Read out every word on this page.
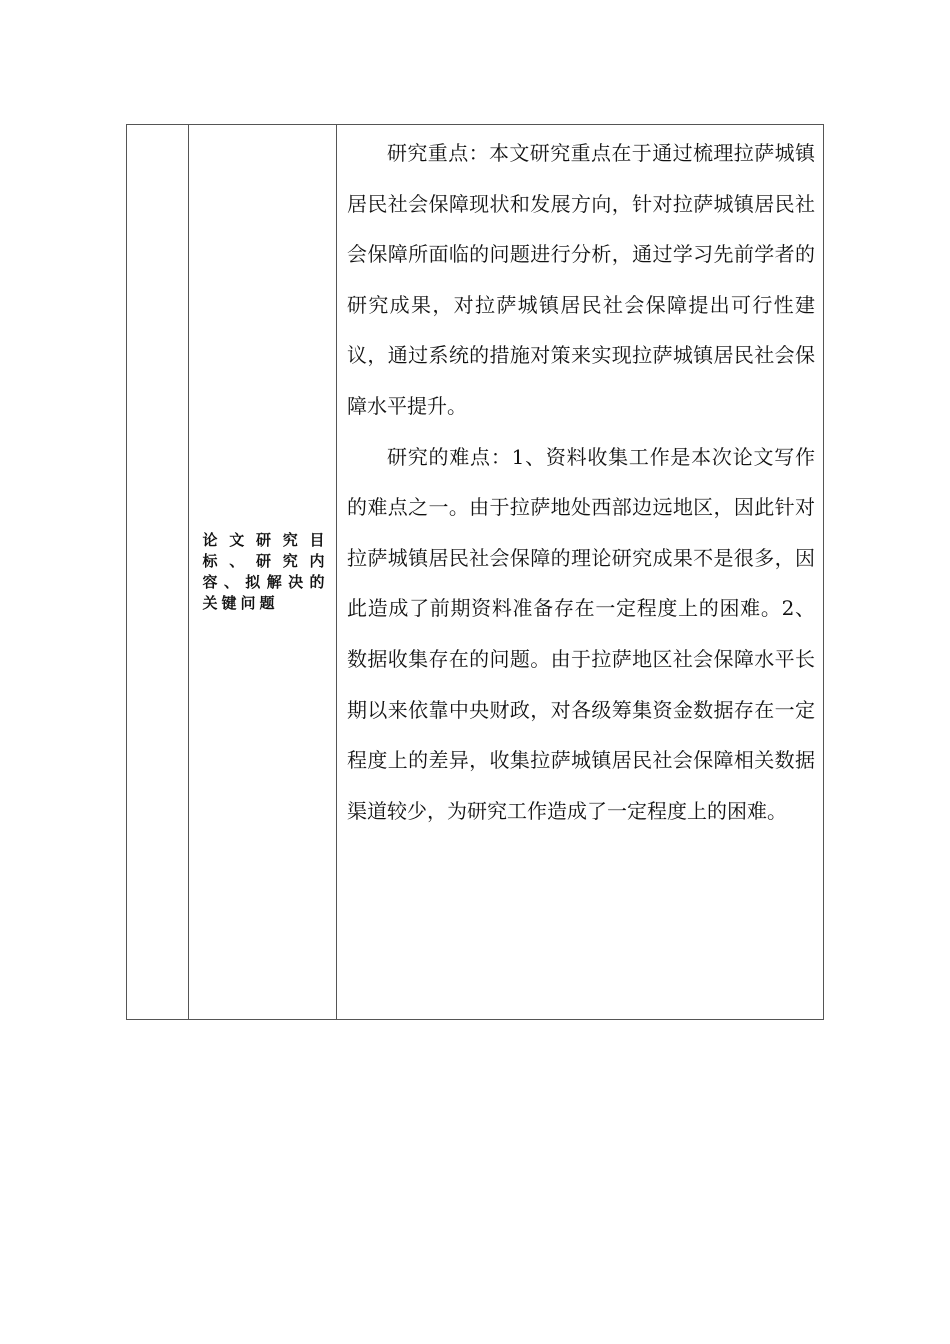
论文研究目标、研究内容、拟解决的关键问题

研究重点：本文研究重点在于通过梳理拉萨城镇居民社会保障现状和发展方向，针对拉萨城镇居民社会保障所面临的问题进行分析，通过学习先前学者的研究成果，对拉萨城镇居民社会保障提出可行性建议，通过系统的措施对策来实现拉萨城镇居民社会保障水平提升。

研究的难点：1、资料收集工作是本次论文写作的难点之一。由于拉萨地处西部边远地区，因此针对拉萨城镇居民社会保障的理论研究成果不是很多，因此造成了前期资料准备存在一定程度上的困难。2、数据收集存在的问题。由于拉萨地区社会保障水平长期以来依靠中央财政，对各级筹集资金数据存在一定程度上的差异，收集拉萨城镇居民社会保障相关数据渠道较少，为研究工作造成了一定程度上的困难。
